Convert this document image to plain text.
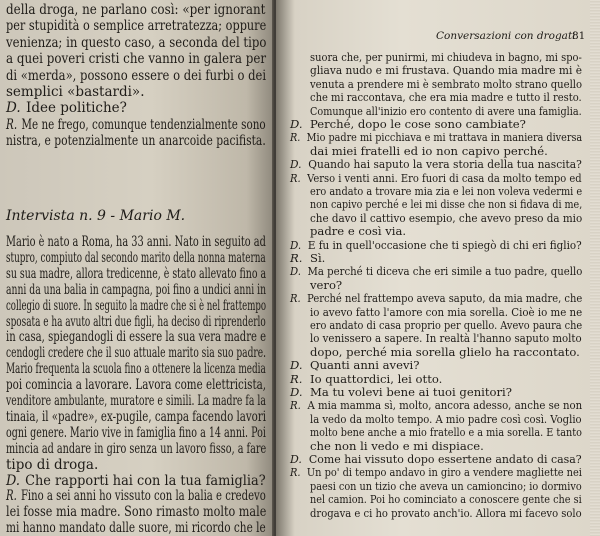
Intervista n. 9 - Mario M.

della droga, ne parlano così: «per ignorant

per stupidità o semplice arretratezza; oppure

venienza; in questo caso, a seconda del tipo

a quei poveri cristi che vanno in galera per

di «merda», possono essere o dei furbi o dei

semplici «bastardi».

D. Idee politiche?

R. Me ne frego, comunque tendenzialmente sono

nistra, e potenzialmente un anarcoide pacifista.

Mario è nato a Roma, ha 33 anni. Nato in seguito ad

stupro, compiuto dal secondo marito della nonna materna

su sua madre, allora tredicenne, è stato allevato fino a

anni da una balia in campagna, poi fino a undici anni in

collegio di suore. In seguito la madre che si è nel frattempo

sposata e ha avuto altri due figli, ha deciso di riprenderlo

in casa, spiegandogli di essere la sua vera madre e

cendogli credere che il suo attuale marito sia suo padre.

Mario frequenta la scuola fino a ottenere la licenza media

poi comincia a lavorare. Lavora come elettricista,

venditore ambulante, muratore e simili. La madre fa la

tinaia, il «padre», ex-pugile, campa facendo lavori

ogni genere. Mario vive in famiglia fino a 14 anni. Poi

mincia ad andare in giro senza un lavoro fisso, a fare

tipo di droga.

D. Che rapporti hai con la tua famiglia?

R. Fino a sei anni ho vissuto con la balia e credevo

lei fosse mia madre. Sono rimasto molto male

mi hanno mandato dalle suore, mi ricordo che le

Conversazioni con drogati
81

suora che, per punirmi, mi chiudeva in bagno, mi spo-

gliava nudo e mi frustava. Quando mia madre mi è

venuta a prendere mi è sembrato molto strano quello

che mi raccontava, che era mia madre e tutto il resto.

Comunque all'inizio ero contento di avere una famiglia.

D. Perché, dopo le cose sono cambiate?

R. Mio padre mi picchiava e mi trattava in maniera diversa

dai miei fratelli ed io non capivo perché.

D. Quando hai saputo la vera storia della tua nascita?

R. Verso i venti anni. Ero fuori di casa da molto tempo ed

ero andato a trovare mia zia e lei non voleva vedermi e

non capivo perché e lei mi disse che non si fidava di me,

che davo il cattivo esempio, che avevo preso da mio

padre e così via.

D. E fu in quell'occasione che ti spiegò di chi eri figlio?

R. Sì.

D. Ma perché ti diceva che eri simile a tuo padre, quello

vero?

R. Perché nel frattempo aveva saputo, da mia madre, che

io avevo fatto l'amore con mia sorella. Cioè io me ne

ero andato di casa proprio per quello. Avevo paura che

lo venissero a sapere. In realtà l'hanno saputo molto

dopo, perché mia sorella glielo ha raccontato.

D. Quanti anni avevi?

R. Io quattordici, lei otto.

D. Ma tu volevi bene ai tuoi genitori?

R. A mia mamma sì, molto, ancora adesso, anche se non

la vedo da molto tempo. A mio padre così così. Voglio

molto bene anche a mio fratello e a mia sorella. E tanto

che non li vedo e mi dispiace.

D. Come hai vissuto dopo essertene andato di casa?

R. Un po' di tempo andavo in giro a vendere magliette nei

paesi con un tizio che aveva un camioncino; io dormivo

nel camion. Poi ho cominciato a conoscere gente che si

drogava e ci ho provato anch'io. Allora mi facevo solo
